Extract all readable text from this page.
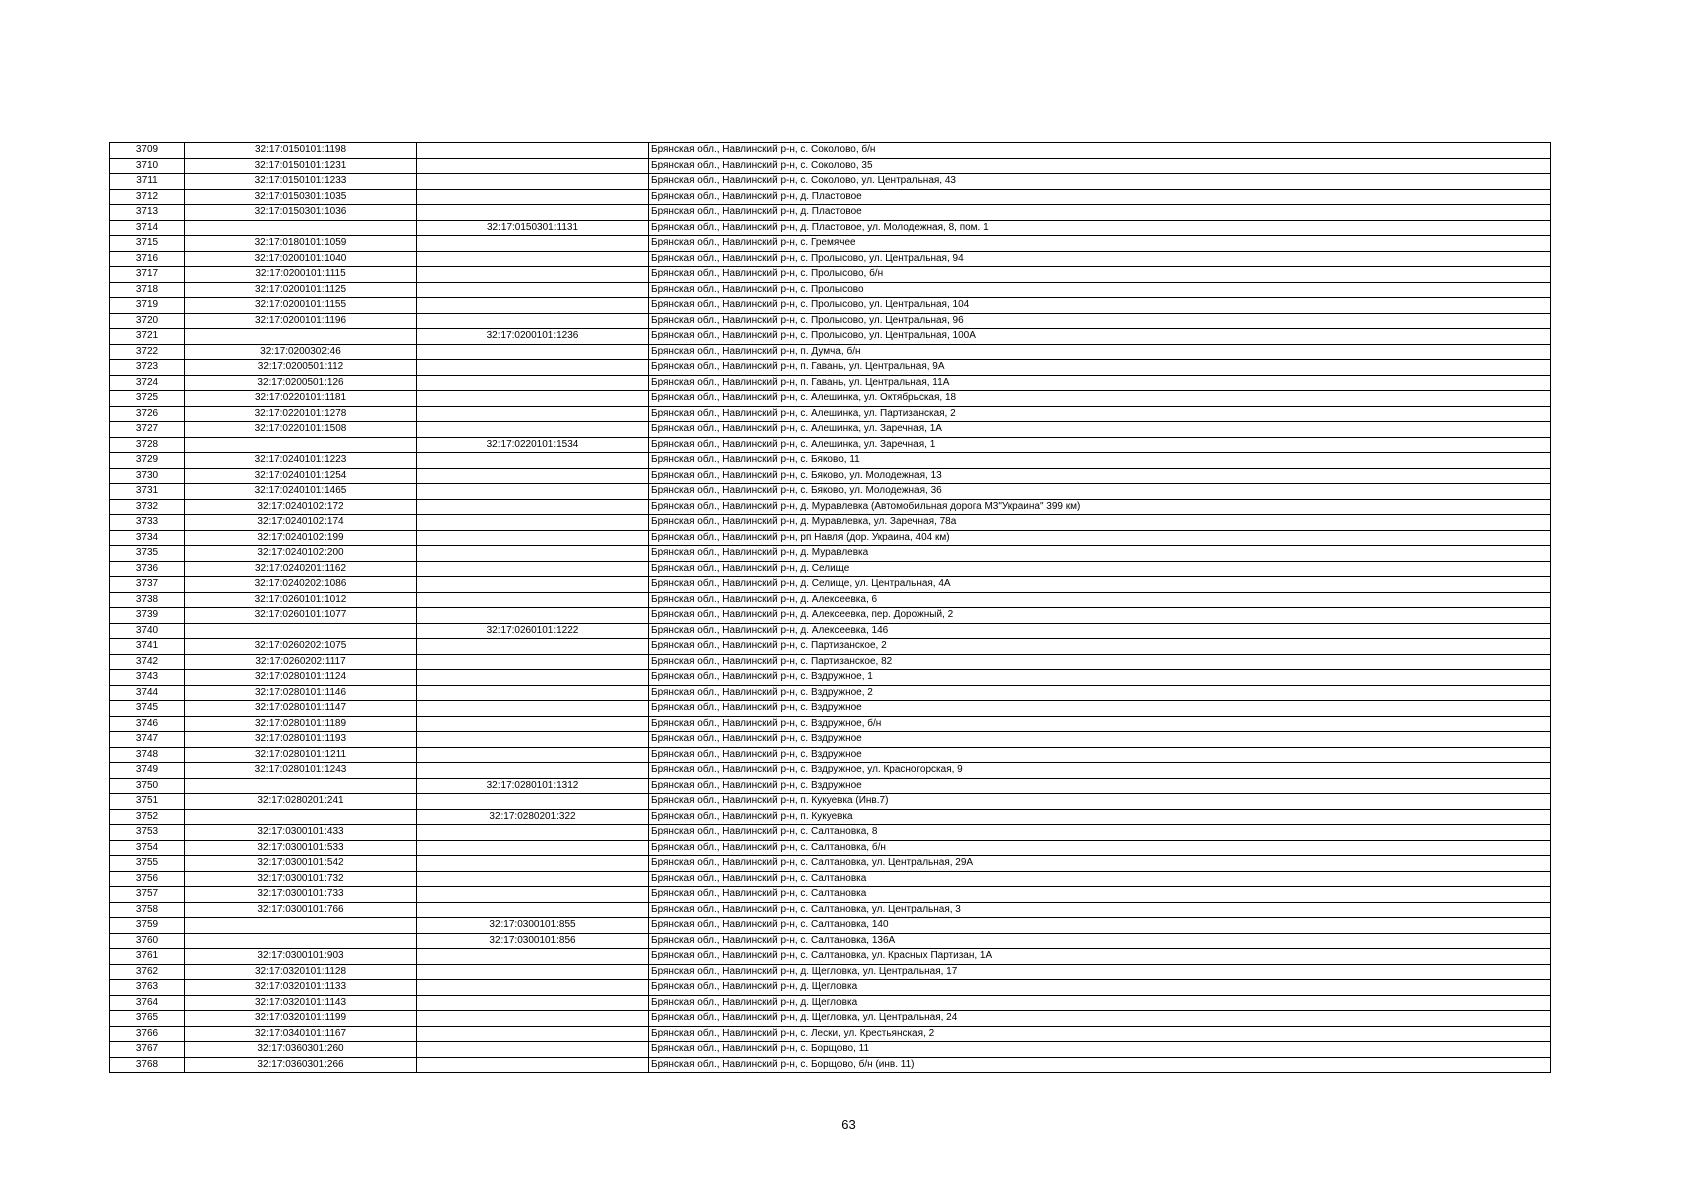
3709	32:17:0150101:1198		Брянская обл., Навлинский р-н, с. Соколово, б/н
3710	32:17:0150101:1231		Брянская обл., Навлинский р-н, с. Соколово, 35
3711	32:17:0150101:1233		Брянская обл., Навлинский р-н, с. Соколово, ул. Центральная, 43
3712	32:17:0150301:1035		Брянская обл., Навлинский р-н, д. Пластовое
3713	32:17:0150301:1036		Брянская обл., Навлинский р-н, д. Пластовое
3714		32:17:0150301:1131	Брянская обл., Навлинский р-н, д. Пластовое, ул. Молодежная, 8, пом. 1
3715	32:17:0180101:1059		Брянская обл., Навлинский р-н, с. Гремячее
3716	32:17:0200101:1040		Брянская обл., Навлинский р-н, с. Пролысово, ул. Центральная, 94
3717	32:17:0200101:1115		Брянская обл., Навлинский р-н, с. Пролысово, б/н
3718	32:17:0200101:1125		Брянская обл., Навлинский р-н, с. Пролысово
3719	32:17:0200101:1155		Брянская обл., Навлинский р-н, с. Пролысово, ул. Центральная, 104
3720	32:17:0200101:1196		Брянская обл., Навлинский р-н, с. Пролысово, ул. Центральная, 96
3721		32:17:0200101:1236	Брянская обл., Навлинский р-н, с. Пролысово, ул. Центральная, 100А
3722	32:17:0200302:46		Брянская обл., Навлинский р-н, п. Думча, б/н
3723	32:17:0200501:112		Брянская обл., Навлинский р-н, п. Гавань, ул. Центральная, 9А
3724	32:17:0200501:126		Брянская обл., Навлинский р-н, п. Гавань, ул. Центральная, 11А
3725	32:17:0220101:1181		Брянская обл., Навлинский р-н, с. Алешинка, ул. Октябрьская, 18
3726	32:17:0220101:1278		Брянская обл., Навлинский р-н, с. Алешинка, ул. Партизанская, 2
3727	32:17:0220101:1508		Брянская обл., Навлинский р-н, с. Алешинка, ул. Заречная, 1А
3728		32:17:0220101:1534	Брянская обл., Навлинский р-н, с. Алешинка, ул. Заречная, 1
3729	32:17:0240101:1223		Брянская обл., Навлинский р-н, с. Бяково, 11
3730	32:17:0240101:1254		Брянская обл., Навлинский р-н, с. Бяково, ул. Молодежная, 13
3731	32:17:0240101:1465		Брянская обл., Навлинский р-н, с. Бяково, ул. Молодежная, 36
3732	32:17:0240102:172		Брянская обл., Навлинский р-н, д. Муравлевка (Автомобильная дорога М3"Украина" 399 км)
3733	32:17:0240102:174		Брянская обл., Навлинский р-н, д. Муравлевка, ул. Заречная, 78а
3734	32:17:0240102:199		Брянская обл., Навлинский р-н, рп Навля (дор. Украина, 404 км)
3735	32:17:0240102:200		Брянская обл., Навлинский р-н, д. Муравлевка
3736	32:17:0240201:1162		Брянская обл., Навлинский р-н, д. Селище
3737	32:17:0240202:1086		Брянская обл., Навлинский р-н, д. Селище, ул. Центральная, 4А
3738	32:17:0260101:1012		Брянская обл., Навлинский р-н, д. Алексеевка, 6
3739	32:17:0260101:1077		Брянская обл., Навлинский р-н, д. Алексеевка, пер. Дорожный, 2
3740		32:17:0260101:1222	Брянская обл., Навлинский р-н, д. Алексеевка, 146
3741	32:17:0260202:1075		Брянская обл., Навлинский р-н, с. Партизанское, 2
3742	32:17:0260202:1117		Брянская обл., Навлинский р-н, с. Партизанское, 82
3743	32:17:0280101:1124		Брянская обл., Навлинский р-н, с. Вздружное, 1
3744	32:17:0280101:1146		Брянская обл., Навлинский р-н, с. Вздружное, 2
3745	32:17:0280101:1147		Брянская обл., Навлинский р-н, с. Вздружное
3746	32:17:0280101:1189		Брянская обл., Навлинский р-н, с. Вздружное, б/н
3747	32:17:0280101:1193		Брянская обл., Навлинский р-н, с. Вздружное
3748	32:17:0280101:1211		Брянская обл., Навлинский р-н, с. Вздружное
3749	32:17:0280101:1243		Брянская обл., Навлинский р-н, с. Вздружное, ул. Красногорская, 9
3750		32:17:0280101:1312	Брянская обл., Навлинский р-н, с. Вздружное
3751	32:17:0280201:241		Брянская обл., Навлинский р-н, п. Кукуевка (Инв.7)
3752		32:17:0280201:322	Брянская обл., Навлинский р-н, п. Кукуевка
3753	32:17:0300101:433		Брянская обл., Навлинский р-н, с. Салтановка, 8
3754	32:17:0300101:533		Брянская обл., Навлинский р-н, с. Салтановка, б/н
3755	32:17:0300101:542		Брянская обл., Навлинский р-н, с. Салтановка, ул. Центральная, 29А
3756	32:17:0300101:732		Брянская обл., Навлинский р-н, с. Салтановка
3757	32:17:0300101:733		Брянская обл., Навлинский р-н, с. Салтановка
3758	32:17:0300101:766		Брянская обл., Навлинский р-н, с. Салтановка, ул. Центральная, 3
3759		32:17:0300101:855	Брянская обл., Навлинский р-н, с. Салтановка, 140
3760		32:17:0300101:856	Брянская обл., Навлинский р-н, с. Салтановка, 136А
3761	32:17:0300101:903		Брянская обл., Навлинский р-н, с. Салтановка, ул. Красных Партизан, 1А
3762	32:17:0320101:1128		Брянская обл., Навлинский р-н, д. Щегловка, ул. Центральная, 17
3763	32:17:0320101:1133		Брянская обл., Навлинский р-н, д. Щегловка
3764	32:17:0320101:1143		Брянская обл., Навлинский р-н, д. Щегловка
3765	32:17:0320101:1199		Брянская обл., Навлинский р-н, д. Щегловка, ул. Центральная, 24
3766	32:17:0340101:1167		Брянская обл., Навлинский р-н, с. Лески, ул. Крестьянская, 2
3767	32:17:0360301:260		Брянская обл., Навлинский р-н, с. Борщово, 11
3768	32:17:0360301:266		Брянская обл., Навлинский р-н, с. Борщово, б/н (инв. 11)
63
